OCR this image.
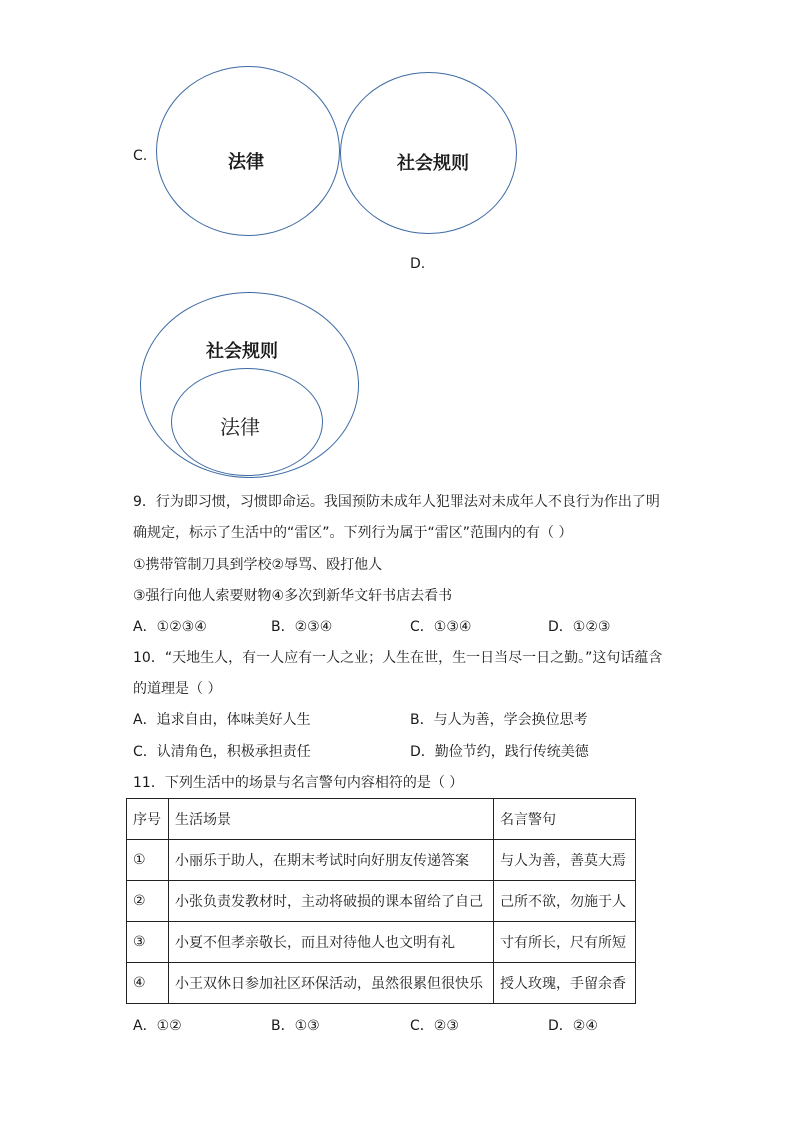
C.	法律	社会规则
D.
社会规则
法律
9．行为即习惯，习惯即命运。我国预防未成年人犯罪法对未成年人不良行为作出了明
确规定，标示了生活中的“雷区”。下列行为属于“雷区”范围内的有（ ）
①携带管制刀具到学校②辱骂、殴打他人
③强行向他人索要财物④多次到新华文轩书店去看书
A．①②③④	B．②③④	C．①③④	D．①②③
10．“天地生人，有一人应有一人之业；人生在世，生一日当尽一日之勤。”这句话蕴含
的道理是（ ）
A．追求自由，体味美好人生	B．与人为善，学会换位思考
C．认清角色，积极承担责任	D．勤俭节约，践行传统美德
11．下列生活中的场景与名言警句内容相符的是（ ）
序号	生活场景	名言警句
①	小丽乐于助人，在期末考试时向好朋友传递答案	与人为善，善莫大焉
②	小张负责发教材时，主动将破损的课本留给了自己	己所不欲，勿施于人
③	小夏不但孝亲敬长，而且对待他人也文明有礼	寸有所长，尺有所短
④	小王双休日参加社区环保活动，虽然很累但很快乐	授人玫瑰，手留余香
A．①②	B．①③	C．②③	D．②④
